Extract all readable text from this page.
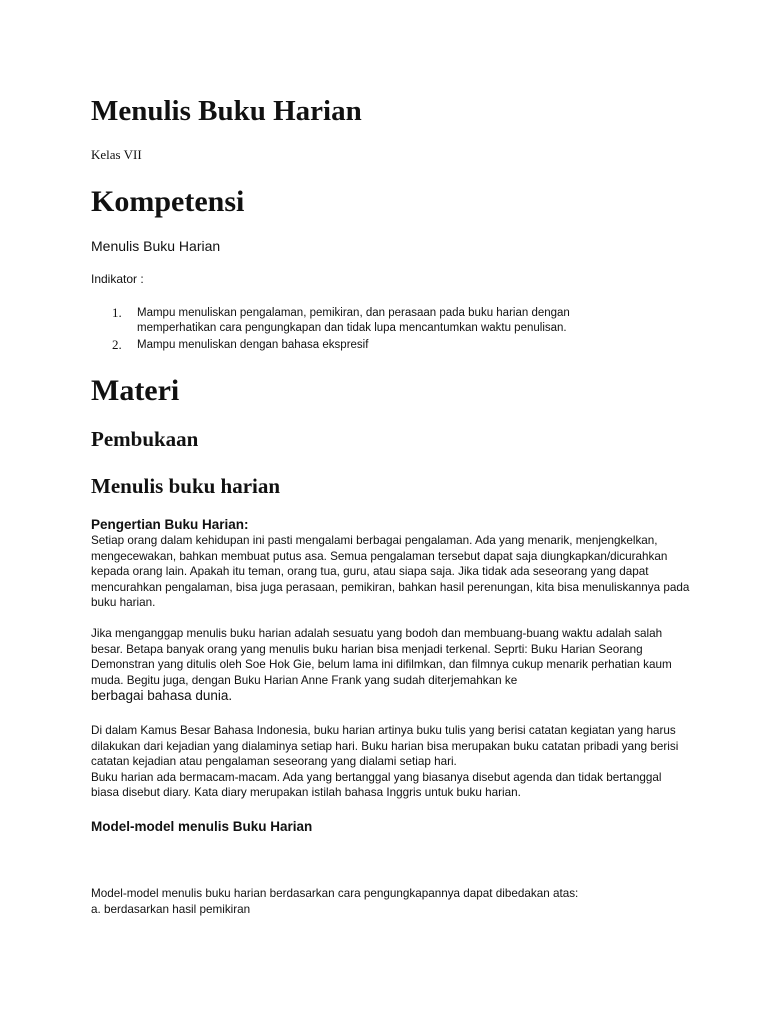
Menulis Buku Harian

Kelas VII

Kompetensi

Menulis Buku Harian

Indikator :

1. Mampu menuliskan pengalaman, pemikiran, dan perasaan pada buku harian dengan memperhatikan cara pengungkapan dan tidak lupa mencantumkan waktu penulisan.
2. Mampu menuliskan dengan bahasa ekspresif
Materi
Pembukaan
Menulis buku harian
Pengertian Buku Harian:

Setiap orang dalam kehidupan ini pasti mengalami berbagai pengalaman. Ada yang menarik, menjengkelkan, mengecewakan, bahkan membuat putus asa. Semua pengalaman tersebut dapat saja diungkapkan/dicurahkan kepada orang lain. Apakah itu teman, orang tua, guru, atau siapa saja. Jika tidak ada seseorang yang dapat mencurahkan pengalaman, bisa juga perasaan, pemikiran, bahkan hasil perenungan, kita bisa menuliskannya pada buku harian.

Jika menganggap menulis buku harian adalah sesuatu yang bodoh dan membuang-buang waktu adalah salah besar. Betapa banyak orang yang menulis buku harian bisa menjadi terkenal. Seprti: Buku Harian Seorang Demonstran yang ditulis oleh Soe Hok Gie, belum lama ini difilmkan, dan filmnya cukup menarik perhatian kaum muda. Begitu juga, dengan Buku Harian Anne Frank yang sudah diterjemahkan ke
berbagai bahasa dunia.

Di dalam Kamus Besar Bahasa Indonesia, buku harian artinya buku tulis yang berisi catatan kegiatan yang harus dilakukan dari kejadian yang dialaminya setiap hari. Buku harian bisa merupakan buku catatan pribadi yang berisi catatan kejadian atau pengalaman seseorang yang dialami setiap hari.
Buku harian ada bermacam-macam. Ada yang bertanggal yang biasanya disebut agenda dan tidak bertanggal biasa disebut diary. Kata diary merupakan istilah bahasa Inggris untuk buku harian.

Model-model menulis Buku Harian

Model-model menulis buku harian berdasarkan cara pengungkapannya dapat dibedakan atas:
a. berdasarkan hasil pemikiran
